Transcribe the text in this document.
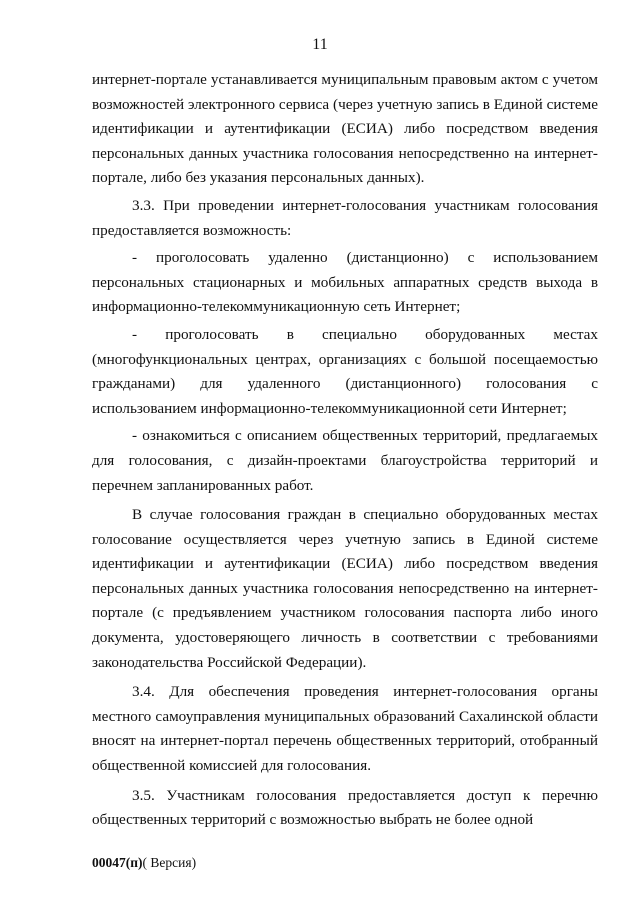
11

интернет-портале устанавливается муниципальным правовым актом с учетом возможностей электронного сервиса (через учетную запись в Единой системе идентификации и аутентификации (ЕСИА) либо посредством введения персональных данных участника голосования непосредственно на интернет-портале, либо без указания персональных данных).

3.3. При проведении интернет-голосования участникам голосования предоставляется возможность:

- проголосовать удаленно (дистанционно) с использованием персональных стационарных и мобильных аппаратных средств выхода в информационно-телекоммуникационную сеть Интернет;

- проголосовать в специально оборудованных местах (многофункциональных центрах, организациях с большой посещаемостью гражданами) для удаленного (дистанционного) голосования с использованием информационно-телекоммуникационной сети Интернет;

- ознакомиться с описанием общественных территорий, предлагаемых для голосования, с дизайн-проектами благоустройства территорий и перечнем запланированных работ.

В случае голосования граждан в специально оборудованных местах голосование осуществляется через учетную запись в Единой системе идентификации и аутентификации (ЕСИА) либо посредством введения персональных данных участника голосования непосредственно на интернет-портале (с предъявлением участником голосования паспорта либо иного документа, удостоверяющего личность в соответствии с требованиями законодательства Российской Федерации).

3.4. Для обеспечения проведения интернет-голосования органы местного самоуправления муниципальных образований Сахалинской области вносят на интернет-портал перечень общественных территорий, отобранный общественной комиссией для голосования.

3.5. Участникам голосования предоставляется доступ к перечню общественных территорий с возможностью выбрать не более одной

00047(п)( Версия)
